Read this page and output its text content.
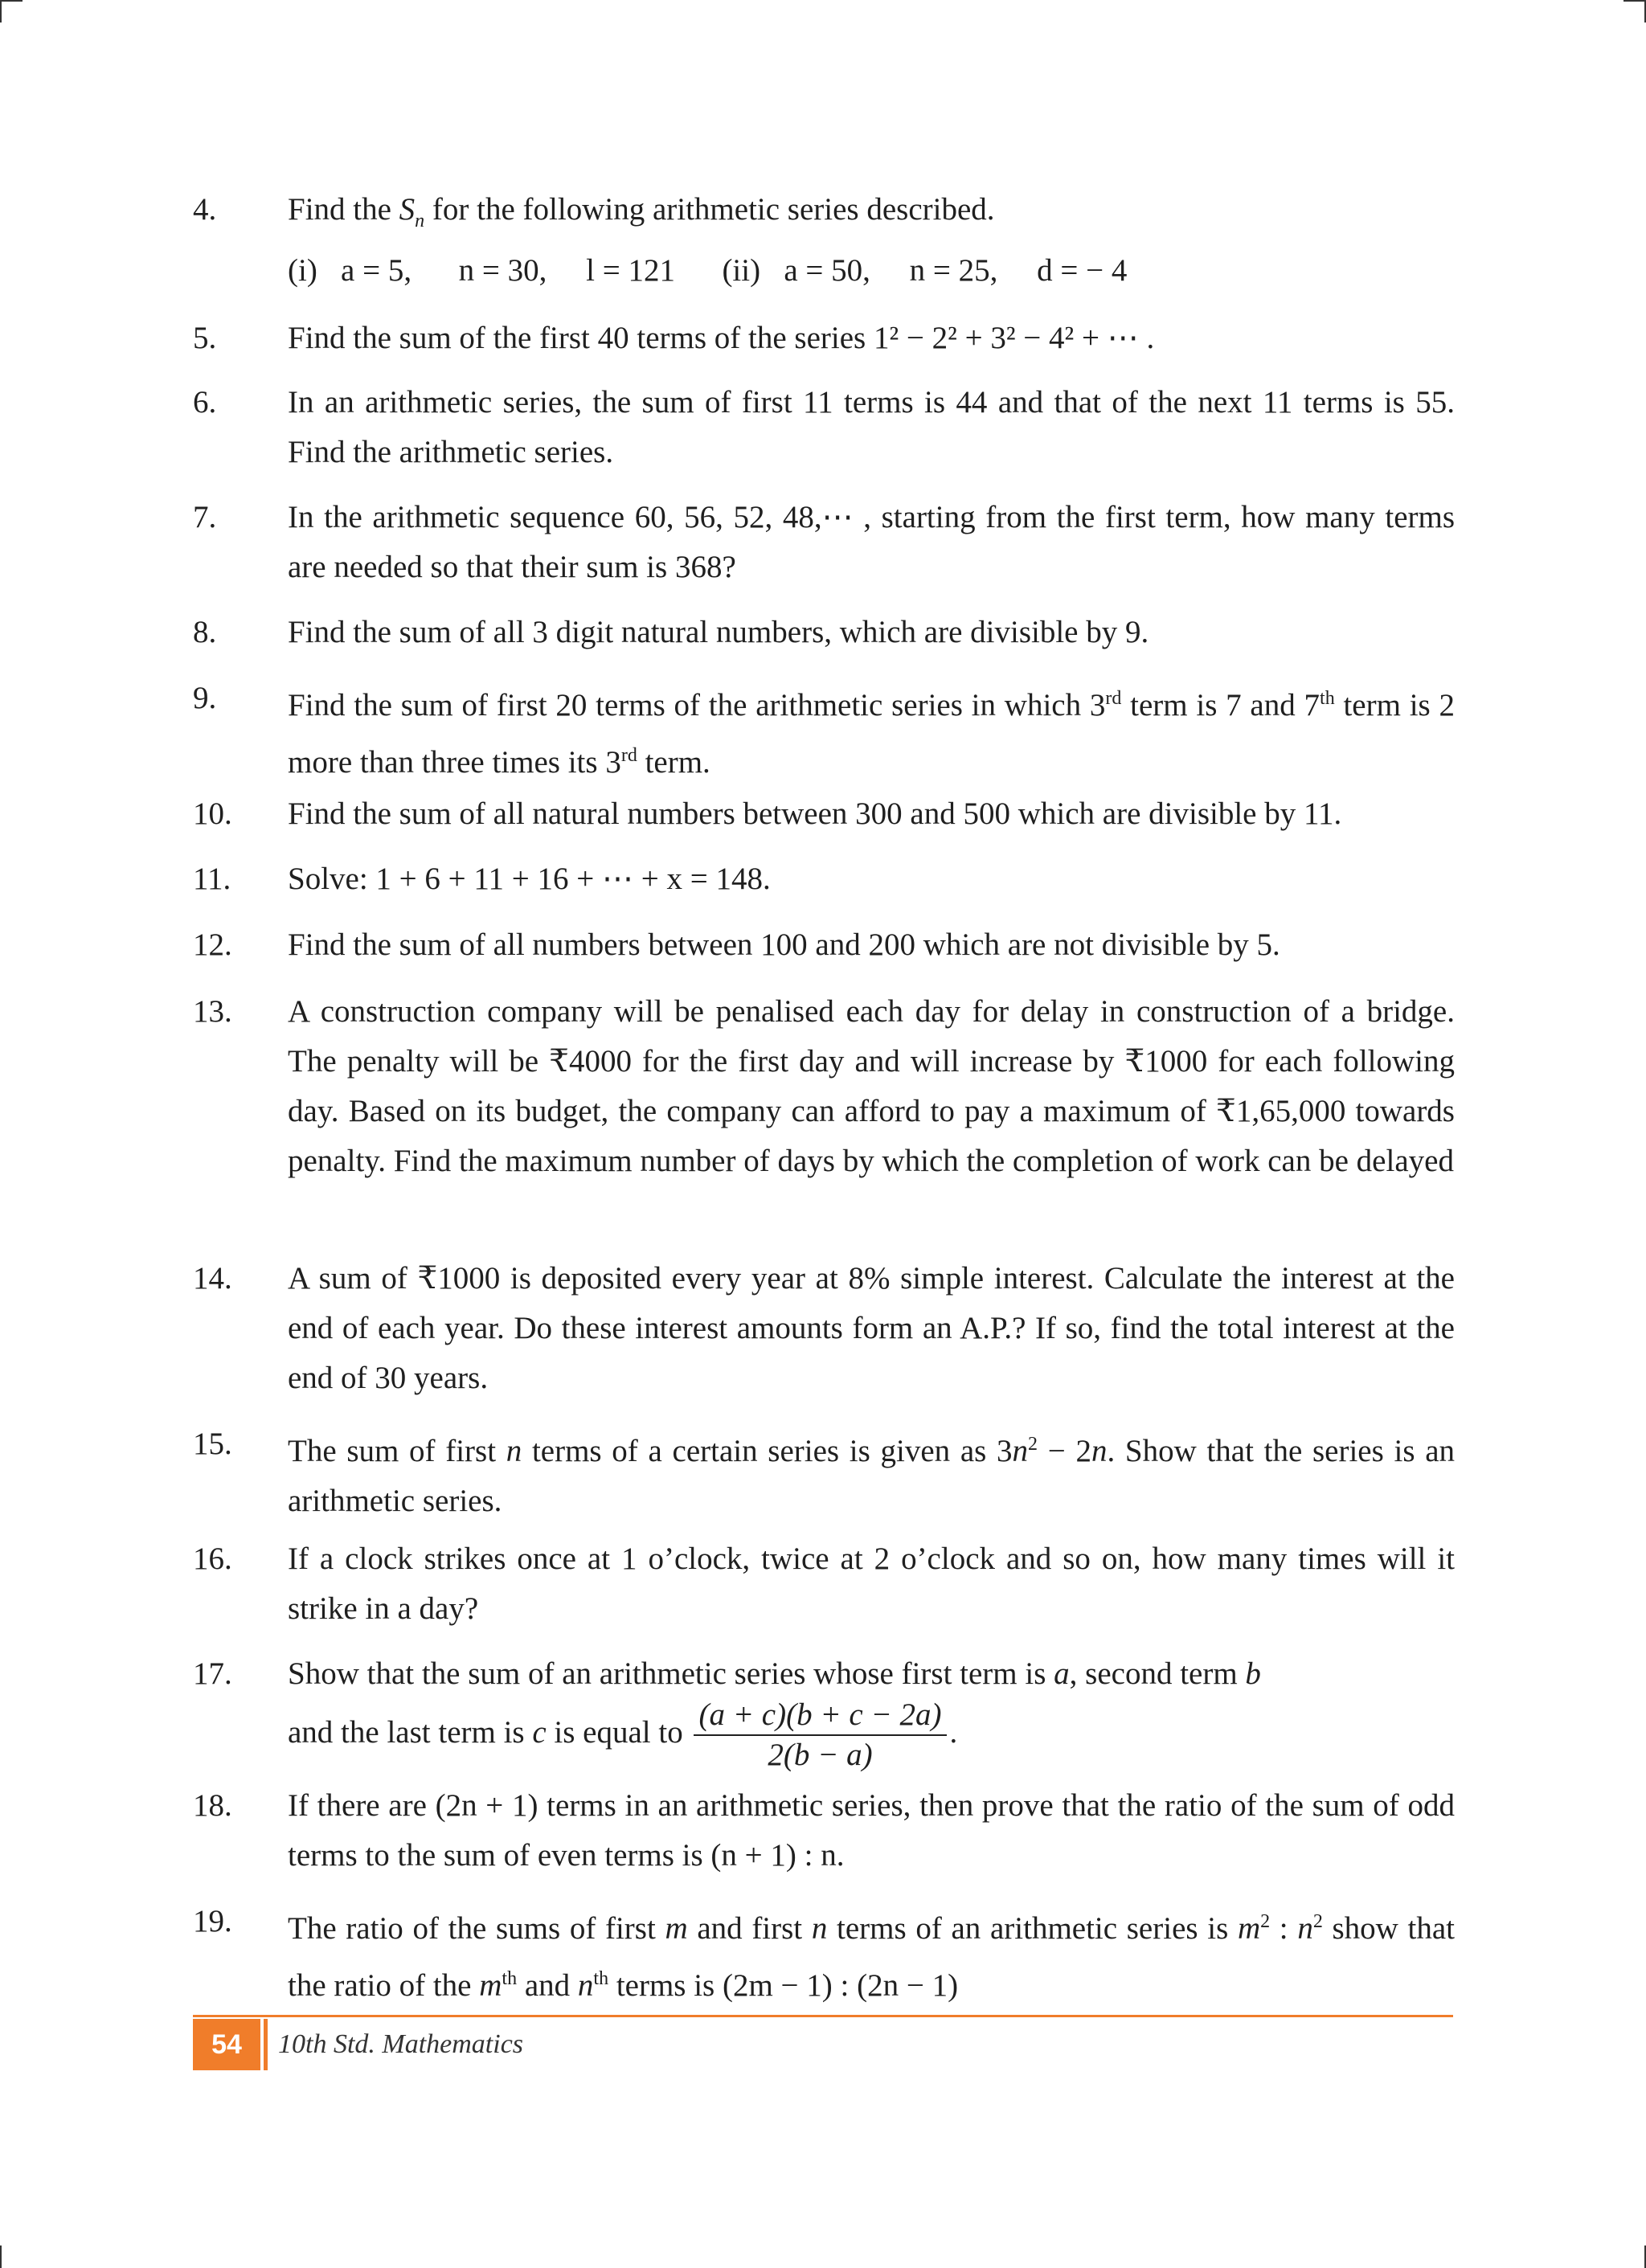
4. Find the $S_n$ for the following arithmetic series described.
(i)   a = 5,      n = 30,     l = 121      (ii)   a = 50,     n = 25,     d = − 4
5. Find the sum of the first 40 terms of the series 1² − 2² + 3² − 4² + ⋯ .
6. In an arithmetic series, the sum of first 11 terms is 44 and that of the next 11 terms is 55. Find the arithmetic series.
7. In the arithmetic sequence 60, 56, 52, 48,⋯ , starting from the first term, how many terms are needed so that their sum is 368?
8. Find the sum of all 3 digit natural numbers, which are divisible by 9.
9. Find the sum of first 20 terms of the arithmetic series in which 3rd term is 7 and 7th term is 2 more than three times its 3rd term.
10. Find the sum of all natural numbers between 300 and 500 which are divisible by 11.
11. Solve: 1 + 6 + 11 + 16 + ⋯ + x = 148.
12. Find the sum of all numbers between 100 and 200 which are not divisible by 5.
13. A construction company will be penalised each day for delay in construction of a bridge. The penalty will be ₹4000 for the first day and will increase by ₹1000 for each following day. Based on its budget, the company can afford to pay a maximum of ₹1,65,000 towards penalty. Find the maximum number of days by which the completion of work can be delayed
14. A sum of ₹1000 is deposited every year at 8% simple interest. Calculate the interest at the end of each year. Do these interest amounts form an A.P.? If so, find the total interest at the end of 30 years.
15. The sum of first n terms of a certain series is given as $3n^2 - 2n$. Show that the series is an arithmetic series.
16. If a clock strikes once at 1 o’clock, twice at 2 o’clock and so on, how many times will it strike in a day?
17. Show that the sum of an arithmetic series whose first term is a, second term b
and the last term is c is equal to $\frac{(a + c)(b + c - 2a)}{2(b - a)}$ .
18. If there are (2n + 1) terms in an arithmetic series, then prove that the ratio of the sum of odd terms to the sum of even terms is (n + 1) : n.
19. The ratio of the sums of first m and first n terms of an arithmetic series is $m^2$ : $n^2$ show that the ratio of the $m^{th}$ and $n^{th}$ terms is (2m − 1) : (2n − 1)
54	10th Std. Mathematics
